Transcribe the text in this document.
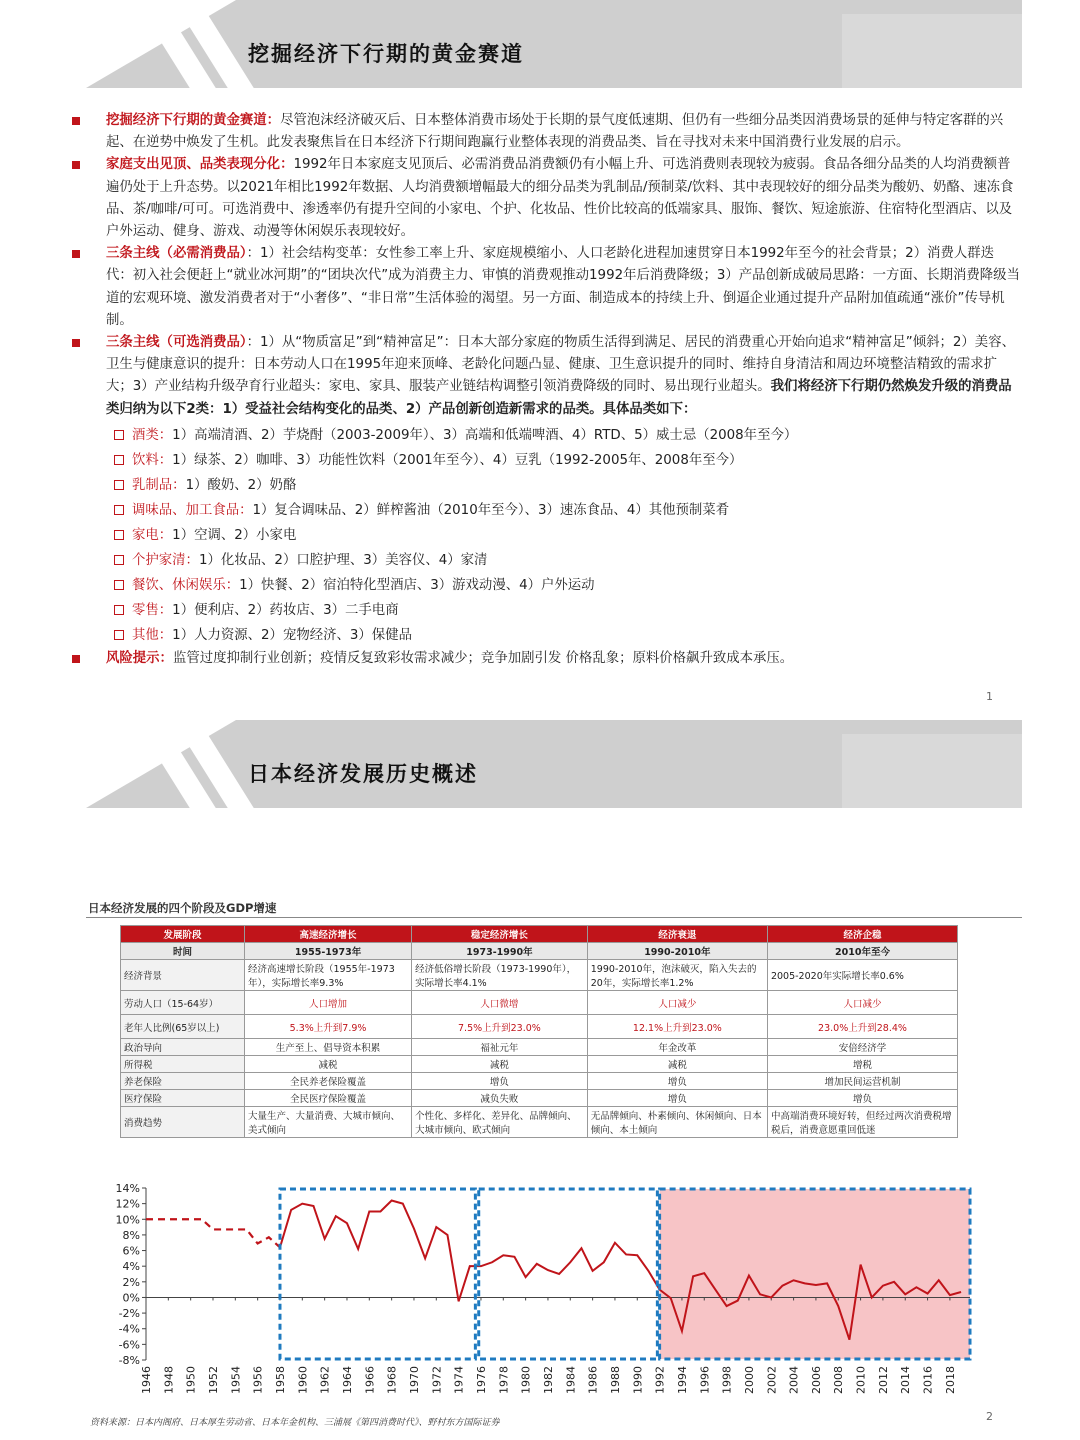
挖掘经济下行期的黄金赛道
挖掘经济下行期的黄金赛道：尽管泡沫经济破灭后、日本整体消费市场处于长期的景气度低速期、但仍有一些细分品类因消费场景的延伸与特定客群的兴起、在逆势中焕发了生机。此发表聚焦旨在日本经济下行期间跑赢行业整体表现的消费品类、旨在寻找对未来中国消费行业发展的启示。
家庭支出见顶、品类表现分化：1992年日本家庭支见顶后、必需消费品消费额仍有小幅上升、可选消费则表现较为疲弱。食品各细分品类的人均消费额普遍仍处于上升态势。以2021年相比1992年数据、人均消费额增幅最大的细分品类为乳制品/预制菜/饮料、其中表现较好的细分品类为酸奶、奶酪、速冻食品、茶/咖啡/可可。可选消费中、渗透率仍有提升空间的小家电、个护、化妆品、性价比较高的低端家具、服饰、餐饮、短途旅游、住宿特化型酒店、以及户外运动、健身、游戏、动漫等休闲娱乐表现较好。
三条主线（必需消费品）：1）社会结构变革：女性参工率上升、家庭规模缩小、人口老龄化进程加速贯穿日本1992年至今的社会背景；2）消费人群迭代：初入社会便赶上“就业冰河期”的“团块次代”成为消费主力、审慎的消费观推动1992年后消费降级；3）产品创新成破局思路：一方面、长期消费降级当道的宏观环境、激发消费者对于“小奢侈”、“非日常”生活体验的渴望。另一方面、制造成本的持续上升、倒逼企业通过提升产品附加值疏通“涨价”传导机制。
三条主线（可选消费品）：1）从“物质富足”到“精神富足”：日本大部分家庭的物质生活得到满足、居民的消费重心开始向追求“精神富足”倾斜；2）美容、卫生与健康意识的提升：日本劳动人口在1995年迎来顶峰、老龄化问题凸显、健康、卫生意识提升的同时、维持自身清洁和周边环境整洁精致的需求扩大；3）产业结构升级孕育行业超头：家电、家具、服装产业链结构调整引领消费降级的同时、易出现行业超头。我们将经济下行期仍然焕发升级的消费品类归纳为以下2类：1）受益社会结构变化的品类、2）产品创新创造新需求的品类。具体品类如下：
酒类：1）高端清酒、2）芋烧酎（2003-2009年）、3）高端和低端啤酒、4）RTD、5）威士忌（2008年至今）
饮料：1）绿茶、2）咖啡、3）功能性饮料（2001年至今）、4）豆乳（1992-2005年、2008年至今）
乳制品：1）酸奶、2）奶酪
调味品、加工食品：1）复合调味品、2）鲜榨酱油（2010年至今）、3）速冻食品、4）其他预制菜肴
家电：1）空调、2）小家电
个护家清：1）化妆品、2）口腔护理、3）美容仪、4）家清
餐饮、休闲娱乐：1）快餐、2）宿泊特化型酒店、3）游戏动漫、4）户外运动
零售：1）便利店、2）药妆店、3）二手电商
其他：1）人力资源、2）宠物经济、3）保健品
风险提示：监管过度抑制行业创新；疫情反复致彩妆需求减少；竞争加剧引发 价格乱象；原料价格飙升致成本承压。
1
日本经济发展历史概述
日本经济发展的四个阶段及GDP增速
发展阶段	高速经济增长	稳定经济增长	经济衰退	经济企稳
时间	1955-1973年	1973-1990年	1990-2010年	2010年至今
经济背景	经济高速增长阶段（1955年-1973年），实际增长率9.3%	经济低俗增长阶段（1973-1990年），实际增长率4.1%	1990-2010年，泡沫破灭，陷入失去的20年，实际增长率1.2%	2005-2020年实际增长率0.6%
劳动人口（15-64岁）	人口增加	人口微增	人口减少	人口减少
老年人比例(65岁以上)	5.3%上升到7.9%	7.5%上升到23.0%	12.1%上升到23.0%	23.0%上升到28.4%
政治导向	生产至上、倡导资本积累	福祉元年	年金改革	安倍经济学
所得税	减税	减税	减税	增税
养老保险	全民养老保险覆盖	增负	增负	增加民间运营机制
医疗保险	全民医疗保险覆盖	减负失败	增负	增负
消费趋势	大量生产、大量消费、大城市倾向、美式倾向	个性化、多样化、差异化、品牌倾向、大城市倾向、欧式倾向	无品牌倾向、朴素倾向、休闲倾向、日本倾向、本土倾向	中高端消费环境好转，但经过两次消费税增税后，消费意愿重回低迷
-8%
-6%
-4%
-2%
0%
2%
4%
6%
8%
10%
12%
14%
1946 1948 1950 1952 1954 1956 1958 1960 1962 1964 1966 1968 1970 1972 1974 1976 1978 1980 1982 1984 1986 1988 1990 1992 1994 1996 1998 2000 2002 2004 2006 2008 2010 2012 2014 2016 2018
资料来源：日本内阁府、日本厚生劳动省、日本年金机构、三浦展《第四消费时代》、野村东方国际证券	2
